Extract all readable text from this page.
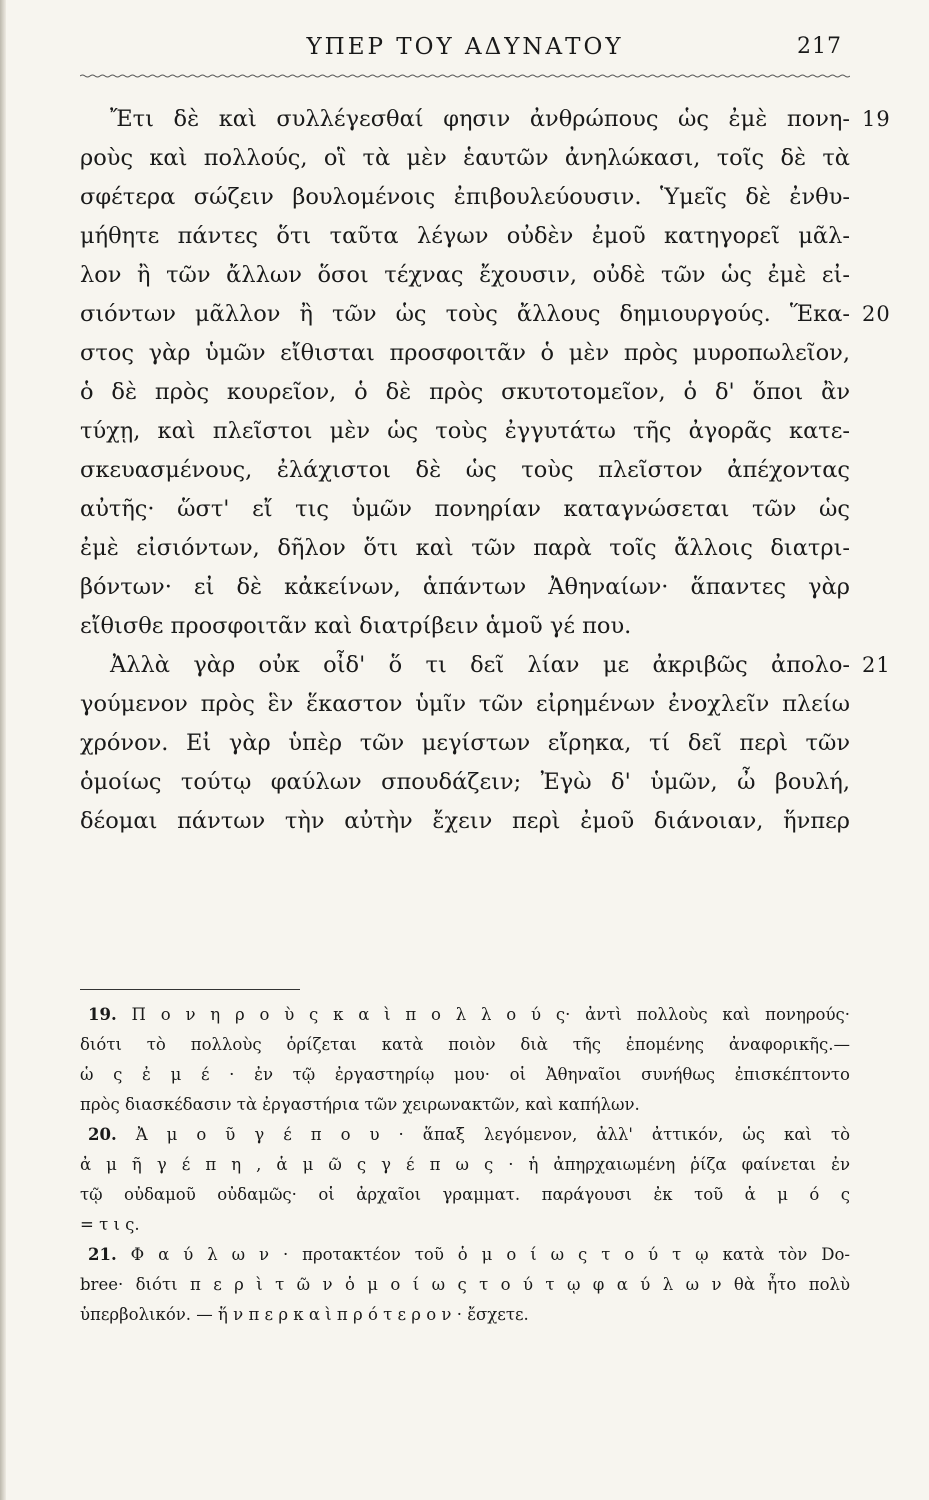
ΥΠΕΡ ΤΟΥ ΑΔΥΝΑΤΟΥ	217
Ἔτι δὲ καὶ συλλέγεσθαί φησιν ἀνθρώπους ὡς ἐμὲ πονη- 19
ροὺς καὶ πολλούς, οἳ τὰ μὲν ἑαυτῶν ἀνηλώκασι, τοῖς δὲ τὰ
σφέτερα σώζειν βουλομένοις ἐπιβουλεύουσιν. Ὑμεῖς δὲ ἐνθυ-
μήθητε πάντες ὅτι ταῦτα λέγων οὐδὲν ἐμοῦ κατηγορεῖ μᾶλ-
λον ἢ τῶν ἄλλων ὅσοι τέχνας ἔχουσιν, οὐδὲ τῶν ὡς ἐμὲ εἰ-
σιόντων μᾶλλον ἢ τῶν ὡς τοὺς ἄλλους δημιουργούς. Ἕκα- 20
στος γὰρ ὑμῶν εἴθισται προσφοιτᾶν ὁ μὲν πρὸς μυροπωλεῖον,
ὁ δὲ πρὸς κουρεῖον, ὁ δὲ πρὸς σκυτοτομεῖον, ὁ δ' ὅποι ἂν
τύχῃ, καὶ πλεῖστοι μὲν ὡς τοὺς ἐγγυτάτω τῆς ἀγορᾶς κατε-
σκευασμένους, ἐλάχιστοι δὲ ὡς τοὺς πλεῖστον ἀπέχοντας
αὐτῆς· ὥστ' εἴ τις ὑμῶν πονηρίαν καταγνώσεται τῶν ὡς
ἐμὲ εἰσιόντων, δῆλον ὅτι καὶ τῶν παρὰ τοῖς ἄλλοις διατρι-
βόντων· εἰ δὲ κἀκείνων, ἁπάντων Ἀθηναίων· ἅπαντες γὰρ
εἴθισθε προσφοιτᾶν καὶ διατρίβειν ἁμοῦ γέ που.
Ἀλλὰ γὰρ οὐκ οἶδ' ὅ τι δεῖ λίαν με ἀκριβῶς ἀπολο- 21
γούμενον πρὸς ἓν ἕκαστον ὑμῖν τῶν εἰρημένων ἐνοχλεῖν πλείω
χρόνον. Εἰ γὰρ ὑπὲρ τῶν μεγίστων εἴρηκα, τί δεῖ περὶ τῶν
ὁμοίως τούτῳ φαύλων σπουδάζειν; Ἐγὼ δ' ὑμῶν, ὦ βουλή,
δέομαι πάντων τὴν αὐτὴν ἔχειν περὶ ἐμοῦ διάνοιαν, ἥνπερ
19. Π ο ν η ρ ο ὺ ς κ α ὶ π ο λ λ ο ύ ς· ἀντὶ πολλοὺς καὶ πονηρούς·
διότι τὸ πολλοὺς ὁρίζεται κατὰ ποιὸν διὰ τῆς ἑπομένης ἀναφορικῆς.—
ὡ ς ἐ μ έ · ἐν τῷ ἐργαστηρίῳ μου· οἱ Ἀθηναῖοι συνήθως ἐπισκέπτοντο
πρὸς διασκέδασιν τὰ ἐργαστήρια τῶν χειρωνακτῶν, καὶ καπήλων.
20. Ἀ μ ο ῦ γ έ π ο υ · ἅπαξ λεγόμενον, ἀλλ' ἀττικόν, ὡς καὶ τὸ
ἀ μ ῆ γ έ π η , ἁ μ ῶ ς γ έ π ω ς · ἡ ἀπηρχαιωμένη ῥίζα φαίνεται ἐν
τῷ οὐδαμοῦ οὐδαμῶς· οἱ ἀρχαῖοι γραμματ. παράγουσι ἐκ τοῦ ἁ μ ό ς
= τ ι ς.
21. Φ α ύ λ ω ν · προτακτέον τοῦ ὁ μ ο ί ω ς τ ο ύ τ ῳ κατὰ τὸν Do-
bree· διότι π ε ρ ὶ τ ῶ ν ὁ μ ο ί ω ς τ ο ύ τ ῳ φ α ύ λ ω ν θὰ ἦτο πολὺ
ὑπερβολικόν. — ἥ ν π ε ρ κ α ὶ π ρ ό τ ε ρ ο ν · ἔσχετε.
